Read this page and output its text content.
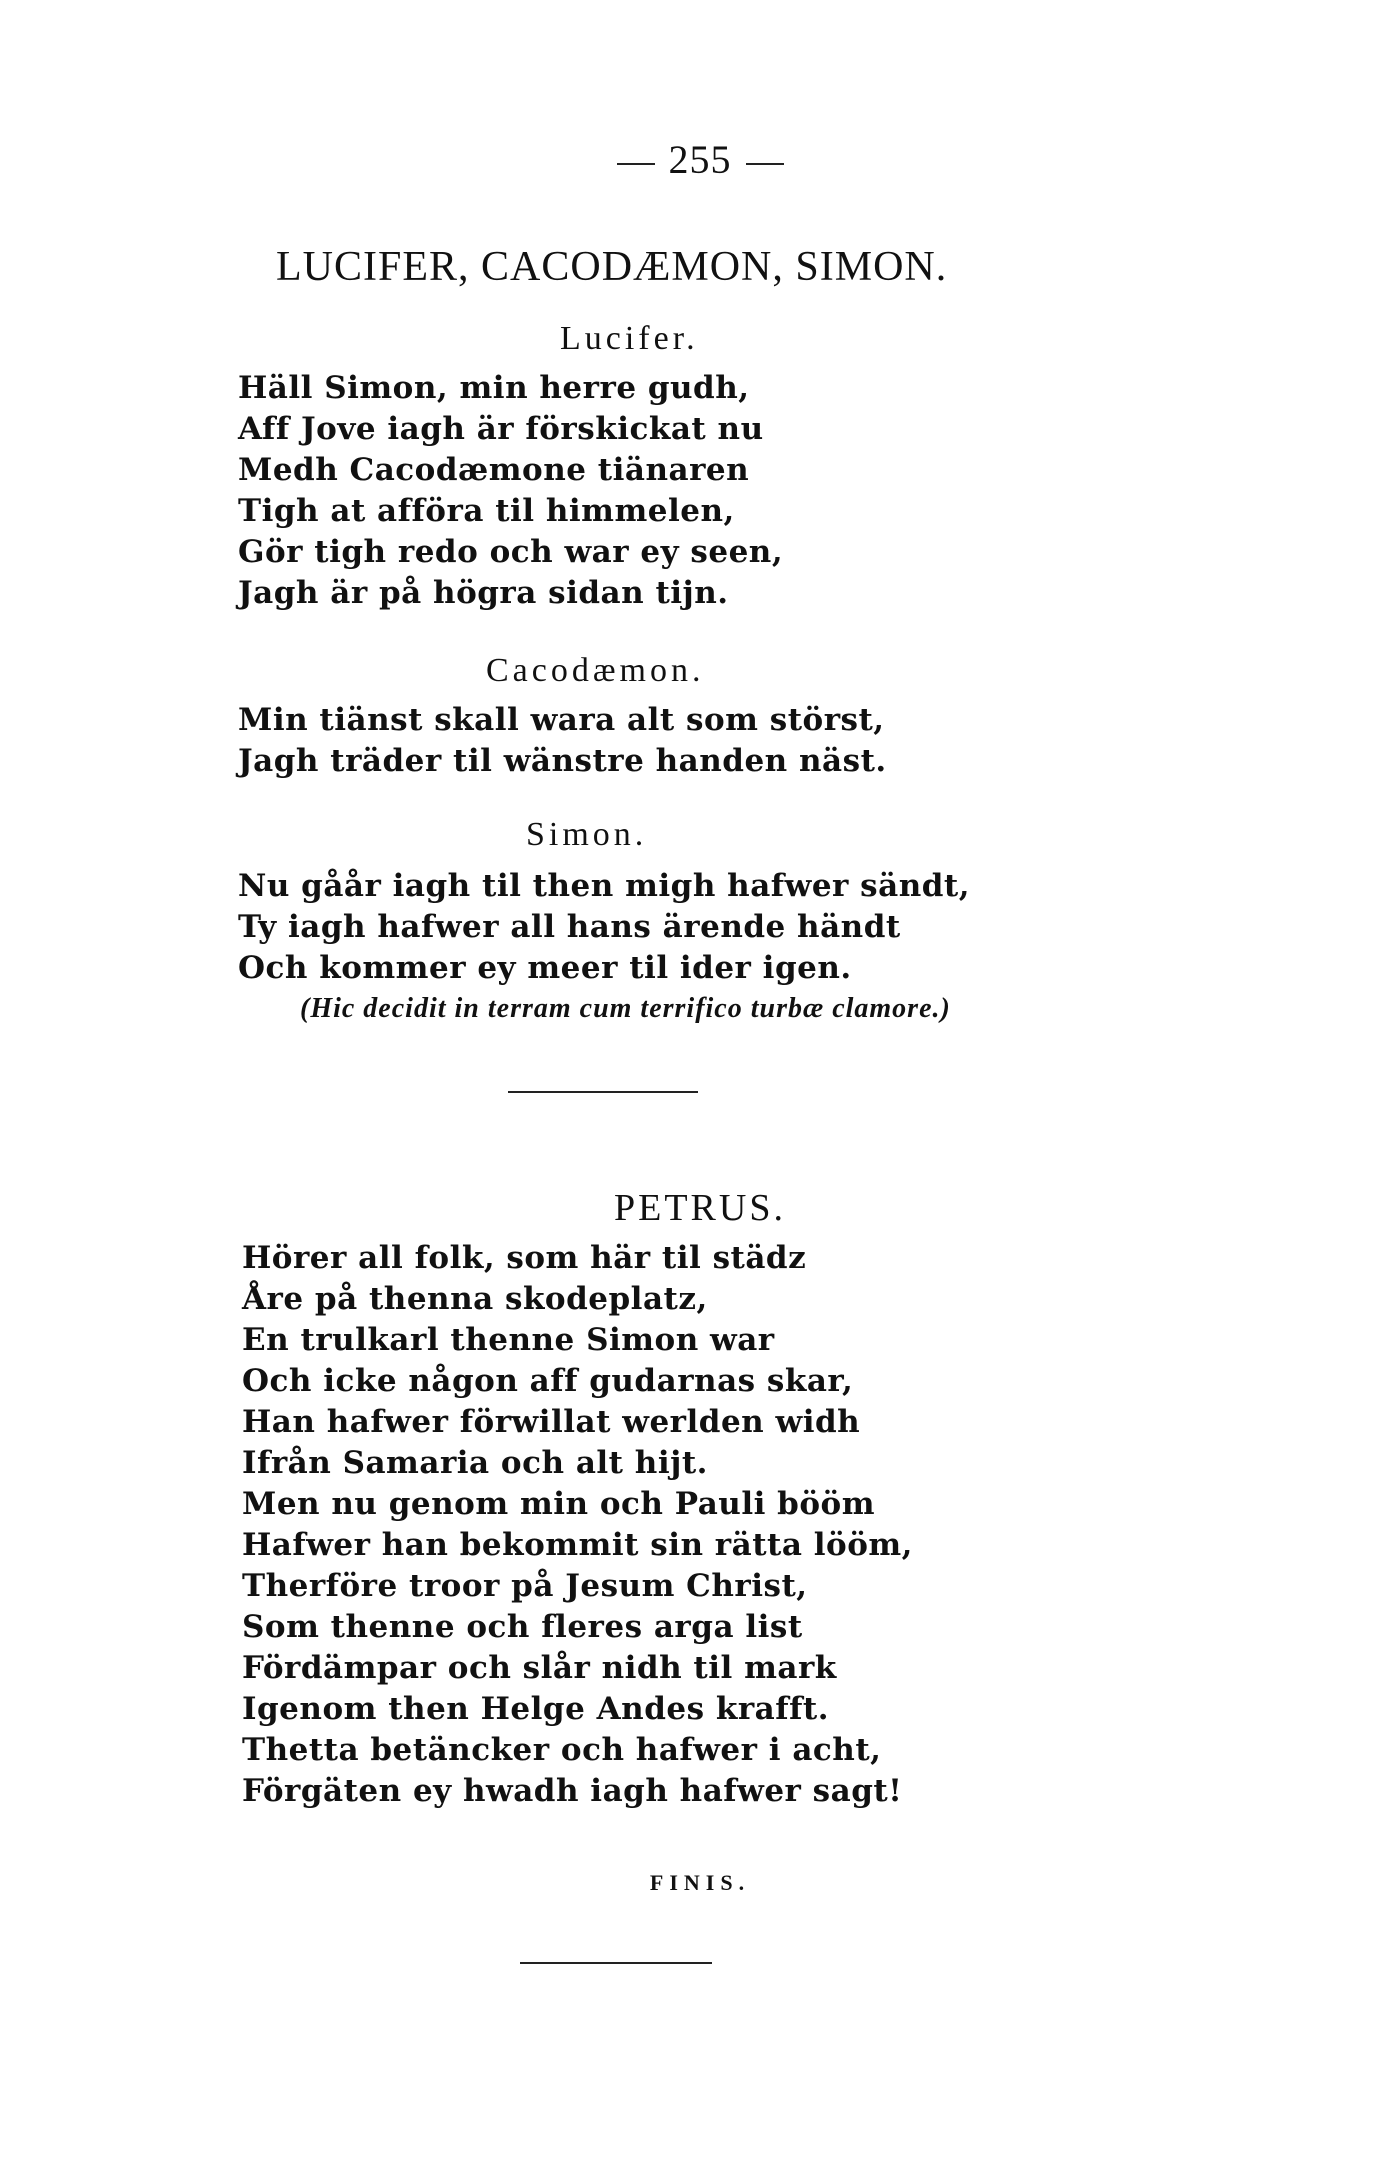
255
LUCIFER, CACODÆMON, SIMON.
Lucifer.
Häll Simon, min herre gudh,
Aff Jove iagh är förskickat nu
Medh Cacodæmone tiänaren
Tigh at afföra til himmelen,
Gör tigh redo och war ey seen,
Jagh är på högra sidan tijn.
Cacodæmon.
Min tiänst skall wara alt som störst,
Jagh träder til wänstre handen näst.
Simon.
Nu gåår iagh til then migh hafwer sändt,
Ty iagh hafwer all hans ärende händt
Och kommer ey meer til ider igen.
(Hic decidit in terram cum terrifico turbæ clamore.)
PETRUS.
Hörer all folk, som här til städz
Åre på thenna skodeplatz,
En trulkarl thenne Simon war
Och icke någon aff gudarnas skar,
Han hafwer förwillat werlden widh
Ifrån Samaria och alt hijt.
Men nu genom min och Pauli bööm
Hafwer han bekommit sin rätta lööm,
Therföre troor på Jesum Christ,
Som thenne och fleres arga list
Fördämpar och slår nidh til mark
Igenom then Helge Andes krafft.
Thetta betäncker och hafwer i acht,
Förgäten ey hwadh iagh hafwer sagt!
FINIS.
